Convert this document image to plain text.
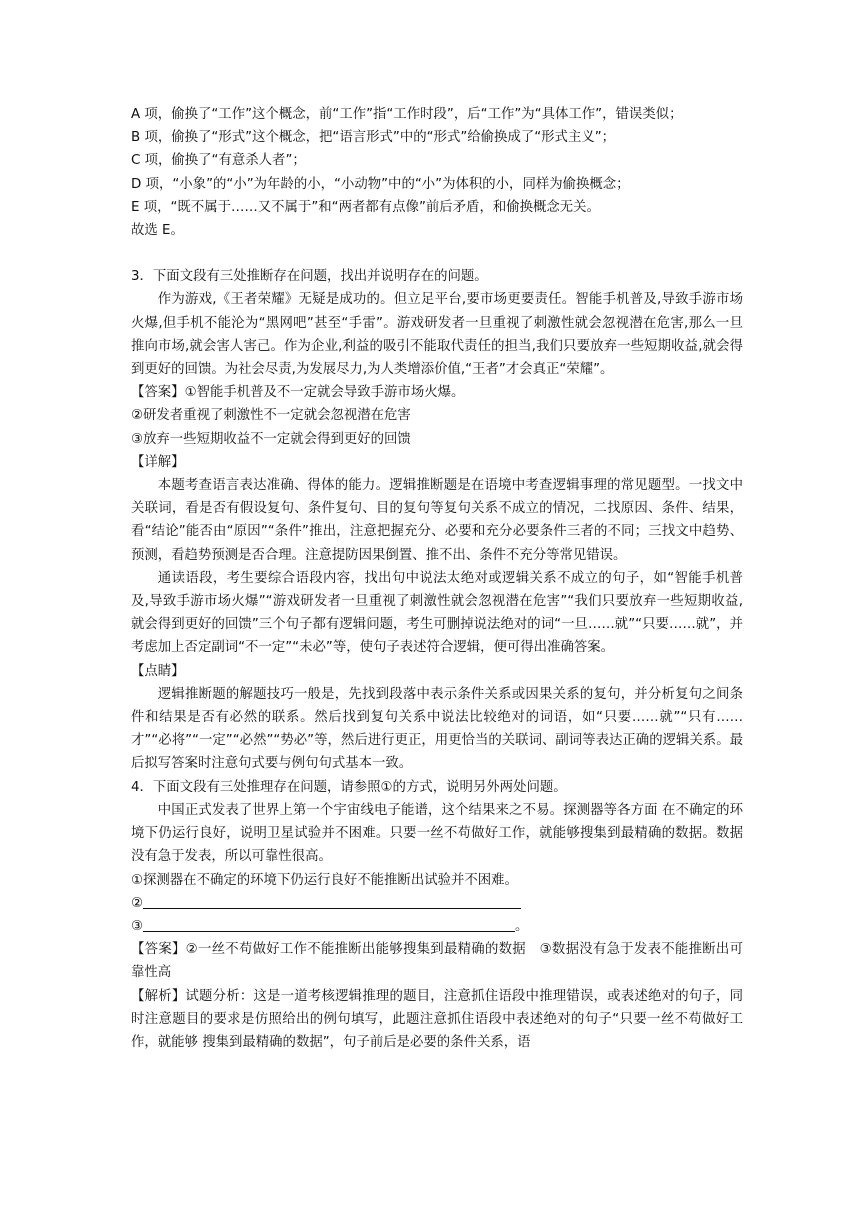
A 项，偷换了“工作”这个概念，前“工作”指“工作时段”，后“工作”为“具体工作”，错误类似；
B 项，偷换了“形式”这个概念，把“语言形式”中的“形式”给偷换成了“形式主义”；
C 项，偷换了“有意杀人者”；
D 项，“小象”的“小”为年龄的小，“小动物”中的“小”为体积的小，同样为偷换概念；
E 项，“既不属于……又不属于”和“两者都有点像”前后矛盾，和偷换概念无关。
故选 E。
3．下面文段有三处推断存在问题，找出并说明存在的问题。

作为游戏,《王者荣耀》无疑是成功的。但立足平台,要市场更要责任。智能手机普及,导致手游市场火爆,但手机不能沦为“黑网吧”甚至“手雷”。游戏研发者一旦重视了刺激性就会忽视潜在危害,那么一旦推向市场,就会害人害己。作为企业,利益的吸引不能取代责任的担当,我们只要放弃一些短期收益,就会得到更好的回馈。为社会尽责,为发展尽力,为人类增添价值,“王者”才会真正“荣耀”。

【答案】①智能手机普及不一定就会导致手游市场火爆。
②研发者重视了刺激性不一定就会忽视潜在危害
③放弃一些短期收益不一定就会得到更好的回馈
【详解】

本题考查语言表达准确、得体的能力。逻辑推断题是在语境中考查逻辑事理的常见题型。一找文中关联词，看是否有假设复句、条件复句、目的复句等复句关系不成立的情况，二找原因、条件、结果，看“结论”能否由“原因”“条件”推出，注意把握充分、必要和充分必要条件三者的不同；三找文中趋势、预测，看趋势预测是否合理。注意提防因果倒置、推不出、条件不充分等常见错误。

通读语段，考生要综合语段内容，找出句中说法太绝对或逻辑关系不成立的句子，如“智能手机普及,导致手游市场火爆”“游戏研发者一旦重视了刺激性就会忽视潜在危害”“我们只要放弃一些短期收益,就会得到更好的回馈”三个句子都有逻辑问题，考生可删掉说法绝对的词“一旦……就”“只要……就”，并考虑加上否定副词“不一定”“未必”等，使句子表述符合逻辑，便可得出准确答案。

【点睛】

逻辑推断题的解题技巧一般是，先找到段落中表示条件关系或因果关系的复句，并分析复句之间条件和结果是否有必然的联系。然后找到复句关系中说法比较绝对的词语，如“只要……就”“只有……才”“必将”“一定”“必然”“势必”等，然后进行更正，用更恰当的关联词、副词等表达正确的逻辑关系。最后拟写答案时注意句式要与例句句式基本一致。

4．下面文段有三处推理存在问题，请参照①的方式，说明另外两处问题。

中国正式发表了世界上第一个宇宙线电子能谱，这个结果来之不易。探测器等各方面 在不确定的环境下仍运行良好，说明卫星试验并不困难。只要一丝不苟做好工作，就能够搜集到最精确的数据。数据没有急于发表，所以可靠性很高。

①探测器在不确定的环境下仍运行良好不能推断出试验并不困难。
②
③	。

【答案】②一丝不苟做好工作不能推断出能够搜集到最精确的数据　③数据没有急于发表不能推断出可靠性高

【解析】试题分析：这是一道考核逻辑推理的题目，注意抓住语段中推理错误，或表述绝对的句子，同时注意题目的要求是仿照给出的例句填写，此题注意抓住语段中表述绝对的句子“只要一丝不苟做好工作，就能够 搜集到最精确的数据”，句子前后是必要的条件关系，语
